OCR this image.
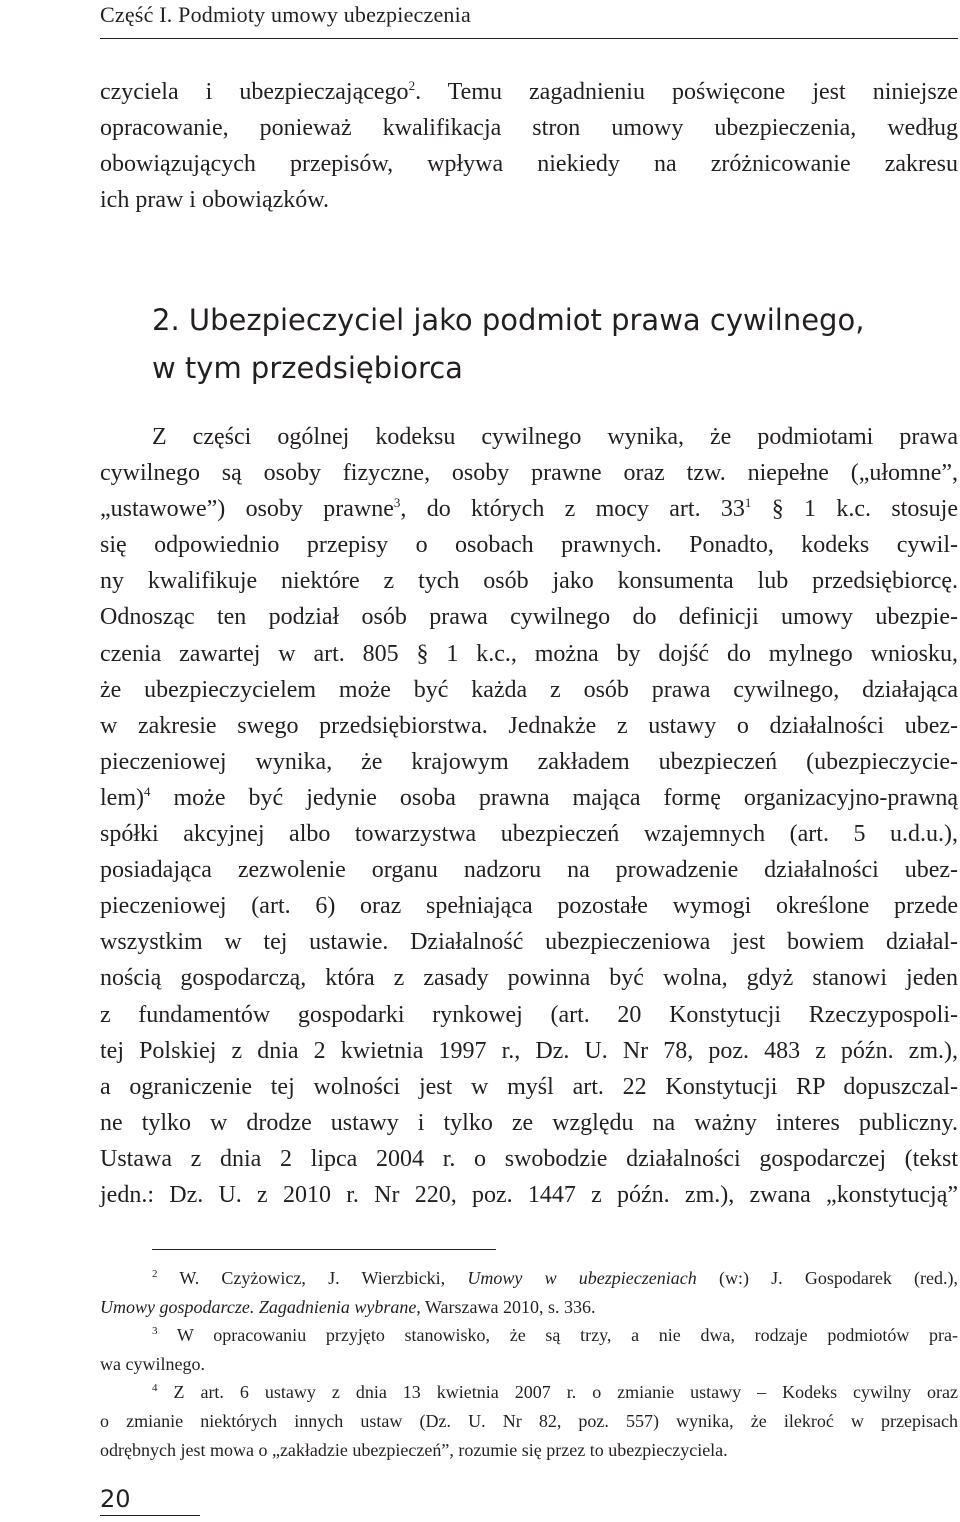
Część I. Podmioty umowy ubezpieczenia
czyciela i ubezpieczającego$^2$. Temu zagadnieniu poświęcone jest niniejsze
opracowanie, ponieważ kwalifikacja stron umowy ubezpieczenia, według
obowiązujących przepisów, wpływa niekiedy na zróżnicowanie zakresu
ich praw i obowiązków.
2. Ubezpieczyciel jako podmiot prawa cywilnego,
w tym przedsiębiorca
Z części ogólnej kodeksu cywilnego wynika, że podmiotami prawa
cywilnego są osoby fizyczne, osoby prawne oraz tzw. niepełne („ułomne”,
„ustawowe”) osoby prawne$^3$, do których z mocy art. $33^1$ § 1 k.c. stosuje
się odpowiednio przepisy o osobach prawnych. Ponadto, kodeks cywil-
ny kwalifikuje niektóre z tych osób jako konsumenta lub przedsiębiorcę.
Odnosząc ten podział osób prawa cywilnego do definicji umowy ubezpie-
czenia zawartej w art. 805 § 1 k.c., można by dojść do mylnego wniosku,
że ubezpieczycielem może być każda z osób prawa cywilnego, działająca
w zakresie swego przedsiębiorstwa. Jednakże z ustawy o działalności ubez-
pieczeniowej wynika, że krajowym zakładem ubezpieczeń (ubezpieczycie-
lem)$^4$ może być jedynie osoba prawna mająca formę organizacyjno-prawną
spółki akcyjnej albo towarzystwa ubezpieczeń wzajemnych (art. 5 u.d.u.),
posiadająca zezwolenie organu nadzoru na prowadzenie działalności ubez-
pieczeniowej (art. 6) oraz spełniająca pozostałe wymogi określone przede
wszystkim w tej ustawie. Działalność ubezpieczeniowa jest bowiem działal-
nością gospodarczą, która z zasady powinna być wolna, gdyż stanowi jeden
z fundamentów gospodarki rynkowej (art. 20 Konstytucji Rzeczypospoli-
tej Polskiej z dnia 2 kwietnia 1997 r., Dz. U. Nr 78, poz. 483 z późn. zm.),
a ograniczenie tej wolności jest w myśl art. 22 Konstytucji RP dopuszczal-
ne tylko w drodze ustawy i tylko ze względu na ważny interes publiczny.
Ustawa z dnia 2 lipca 2004 r. o swobodzie działalności gospodarczej (tekst
jedn.: Dz. U. z 2010 r. Nr 220, poz. 1447 z późn. zm.), zwana „konstytucją”
$^2$ W. Czyżowicz, J. Wierzbicki, Umowy w ubezpieczeniach (w:) J. Gospodarek (red.),
Umowy gospodarcze. Zagadnienia wybrane, Warszawa 2010, s. 336.
$^3$ W opracowaniu przyjęto stanowisko, że są trzy, a nie dwa, rodzaje podmiotów pra-
wa cywilnego.
$^4$ Z art. 6 ustawy z dnia 13 kwietnia 2007 r. o zmianie ustawy – Kodeks cywilny oraz
o zmianie niektórych innych ustaw (Dz. U. Nr 82, poz. 557) wynika, że ilekroć w przepisach
odrębnych jest mowa o „zakładzie ubezpieczeń”, rozumie się przez to ubezpieczyciela.
20
